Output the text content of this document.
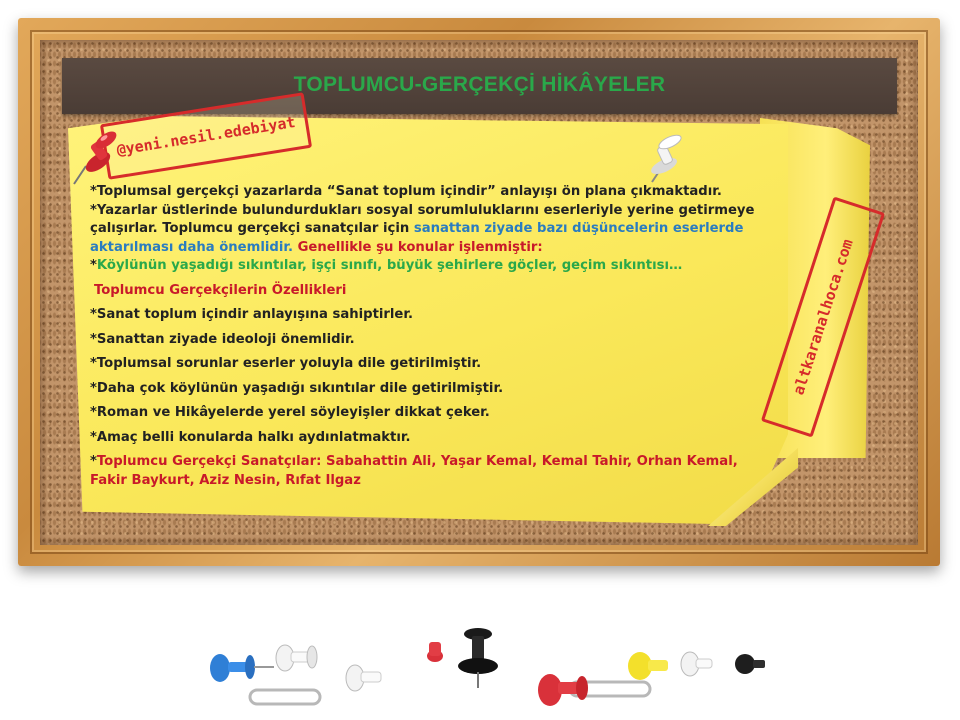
TOPLUMCU-GERÇEKÇİ HİKÂYELER
@yeni.nesil.edebiyat
altkaranalhoca.com

*Toplumsal gerçekçi yazarlarda “Sanat toplum içindir” anlayışı ön plana çıkmaktadır.

*Yazarlar üstlerinde bulundurdukları sosyal sorumluluklarını eserleriyle yerine getirmeye çalışırlar. Toplumcu gerçekçi sanatçılar için sanattan ziyade bazı düşüncelerin eserlerde aktarılması daha önemlidir. Genellikle şu konular işlenmiştir:

*Köylünün yaşadığı sıkıntılar, işçi sınıfı, büyük şehirlere göçler, geçim sıkıntısı…

Toplumcu Gerçekçilerin Özellikleri

*Sanat toplum içindir anlayışına sahiptirler.

*Sanattan ziyade ideoloji önemlidir.

*Toplumsal sorunlar eserler yoluyla dile getirilmiştir.

*Daha çok köylünün yaşadığı sıkıntılar dile getirilmiştir.

*Roman ve Hikâyelerde yerel söyleyişler dikkat çeker.

*Amaç belli konularda halkı aydınlatmaktır.

*Toplumcu Gerçekçi Sanatçılar: Sabahattin Ali, Yaşar Kemal, Kemal Tahir, Orhan Kemal, Fakir Baykurt, Aziz Nesin, Rıfat Ilgaz
